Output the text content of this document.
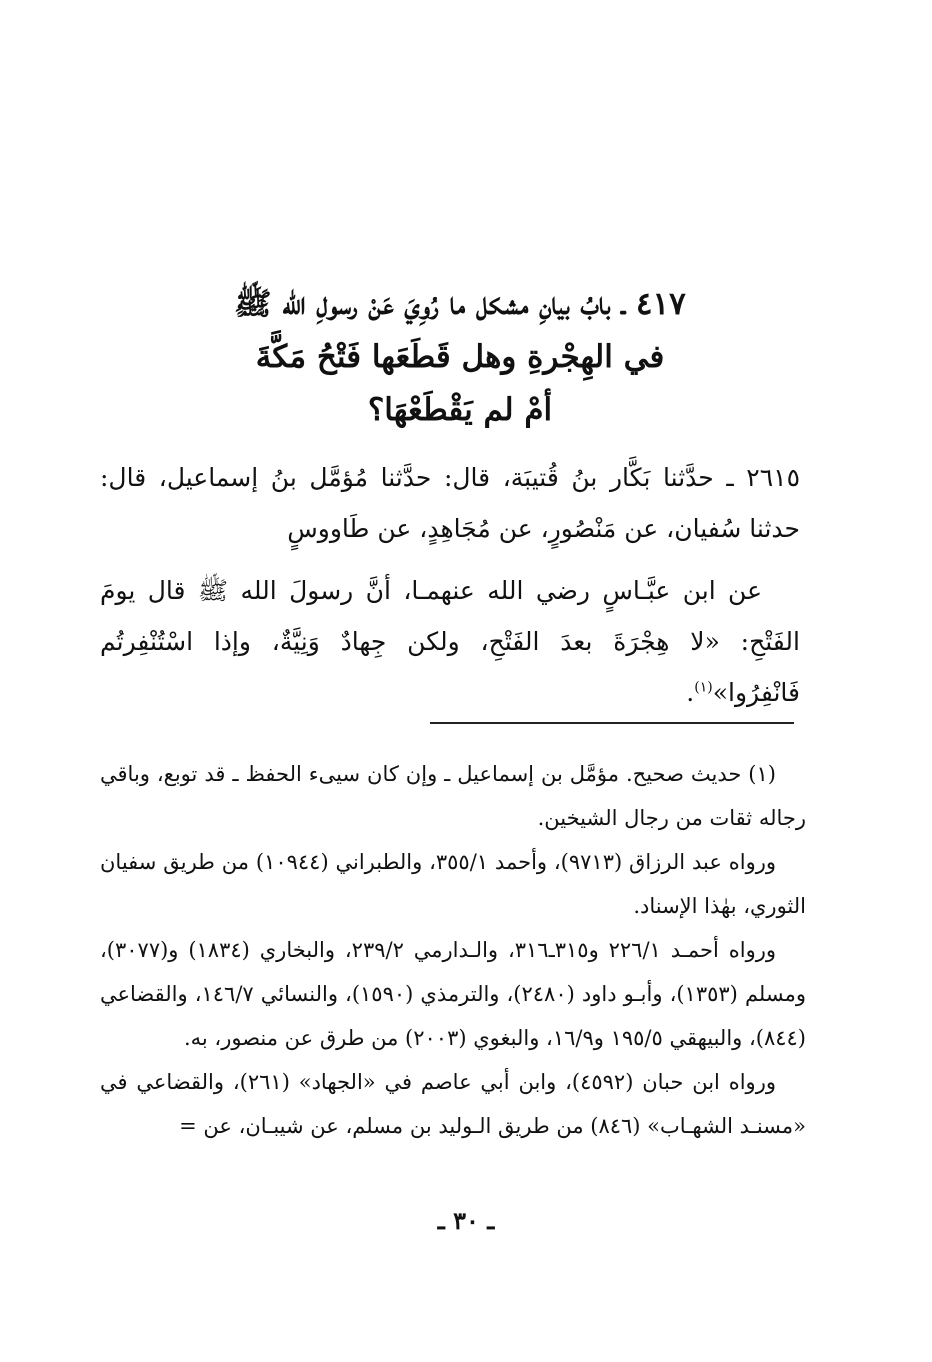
٤١٧ ـ بابُ بيانِ مشكل ما رُوِيَ عَنْ رسولِ الله ﷺ
في الهِجْرةِ وهل قَطَعَها فَتْحُ مَكَّةَ
أمْ لم يَقْطَعْهَا؟
٢٦١٥ ـ حدَّثنا بَكَّار بنُ قُتيبَة، قال: حدَّثنا مُؤمَّل بنُ إسماعيل، قال: حدثنا سُفيان، عن مَنْصُورٍ، عن مُجَاهِدٍ، عن طَاووسٍ
عن ابن عبَّـاسٍ رضي الله عنهمـا، أنَّ رسولَ الله ﷺ قال يومَ الفَتْحِ: «لا هِجْرَةَ بعدَ الفَتْحِ، ولكن جِهادٌ وَنِيَّةٌ، وإذا اسْتُنْفِرتُم فَانْفِرُوا»$^{(١)}$.

(١) حديث صحيح. مؤمَّل بن إسماعيل ـ وإن كان سيىء الحفظ ـ قد توبع، وباقي رجاله ثقات من رجال الشيخين.

ورواه عبد الرزاق (٩٧١٣)، وأحمد ٣٥٥/١، والطبراني (١٠٩٤٤) من طريق سفيان الثوري، بهٰذا الإسناد.

ورواه أحمـد ٢٢٦/١ و٣١٥ـ٣١٦، والـدارمي ٢٣٩/٢، والبخاري (١٨٣٤) و(٣٠٧٧)، ومسلم (١٣٥٣)، وأبـو داود (٢٤٨٠)، والترمذي (١٥٩٠)، والنسائي ١٤٦/٧، والقضاعي (٨٤٤)، والبيهقي ١٩٥/٥ و١٦/٩، والبغوي (٢٠٠٣) من طرق عن منصور، به.

ورواه ابن حبان (٤٥٩٢)، وابن أبي عاصم في «الجهاد» (٢٦١)، والقضاعي في «مسنـد الشهـاب» (٨٤٦) من طريق الـوليد بن مسلم، عن شيبـان، عن =

ـ ٣٠ ـ
